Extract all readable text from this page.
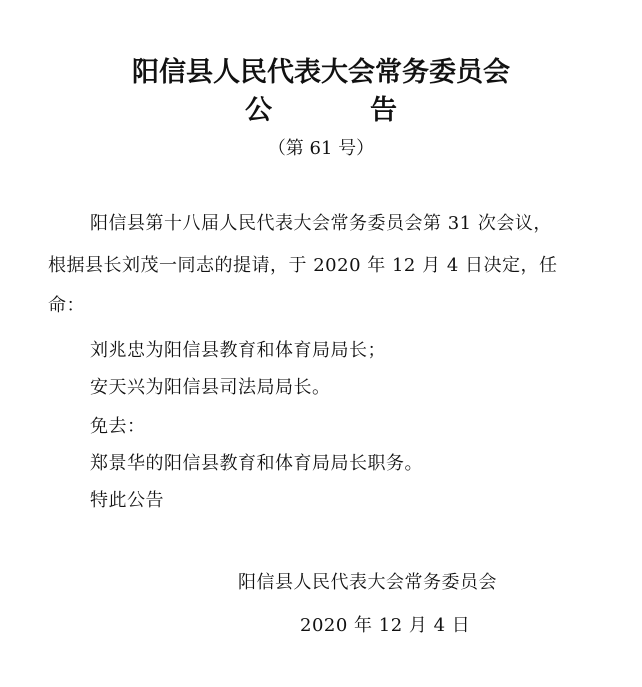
阳信县人民代表大会常务委员会
公	告
（第 61 号）
阳信县第十八届人民代表大会常务委员会第 31 次会议，
根据县长刘茂一同志的提请，于 2020 年 12 月 4 日决定，任
命：
刘兆忠为阳信县教育和体育局局长；
安天兴为阳信县司法局局长。
免去：
郑景华的阳信县教育和体育局局长职务。
特此公告
阳信县人民代表大会常务委员会
2020 年 12 月 4 日
